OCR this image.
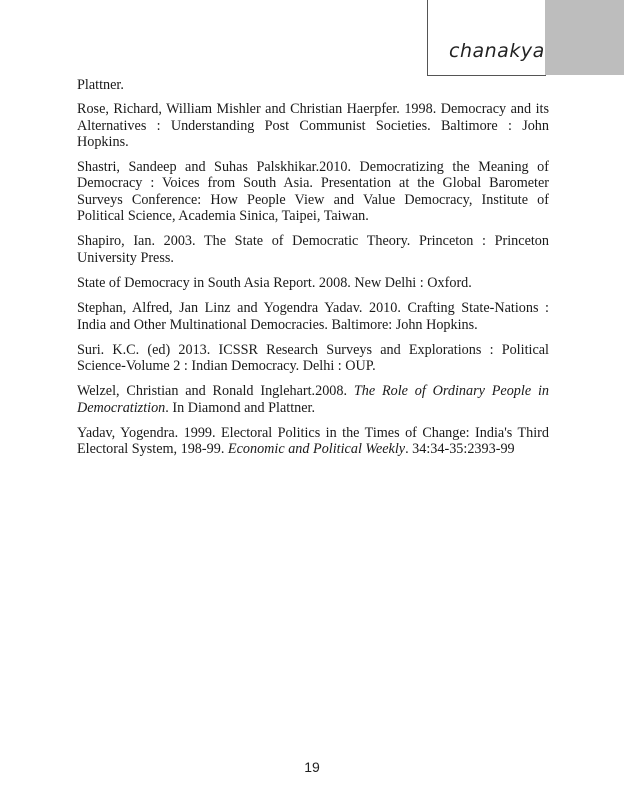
chanakya

Plattner.

Rose, Richard, William Mishler and Christian Haerpfer. 1998. Democracy and its Alternatives : Understanding Post Communist Societies. Baltimore : John Hopkins.

Shastri, Sandeep and Suhas Palskhikar.2010. Democratizing the Meaning of Democracy : Voices from South Asia. Presentation at the Global Barometer Surveys Conference: How People View and Value Democracy, Institute of Political Science, Academia Sinica, Taipei, Taiwan.

Shapiro, Ian. 2003. The State of Democratic Theory. Princeton : Princeton University Press.

State of Democracy in South Asia Report. 2008. New Delhi : Oxford.

Stephan, Alfred, Jan Linz and Yogendra Yadav. 2010. Crafting State-Nations : India and Other Multinational Democracies. Baltimore: John Hopkins.

Suri. K.C. (ed) 2013. ICSSR Research Surveys and Explorations : Political Science-Volume 2 : Indian Democracy. Delhi : OUP.

Welzel, Christian and Ronald Inglehart.2008. The Role of Ordinary People in Democratiztion. In Diamond and Plattner.

Yadav, Yogendra. 1999. Electoral Politics in the Times of Change: India's Third Electoral System, 198-99. Economic and Political Weekly. 34:34-35:2393-99

19
